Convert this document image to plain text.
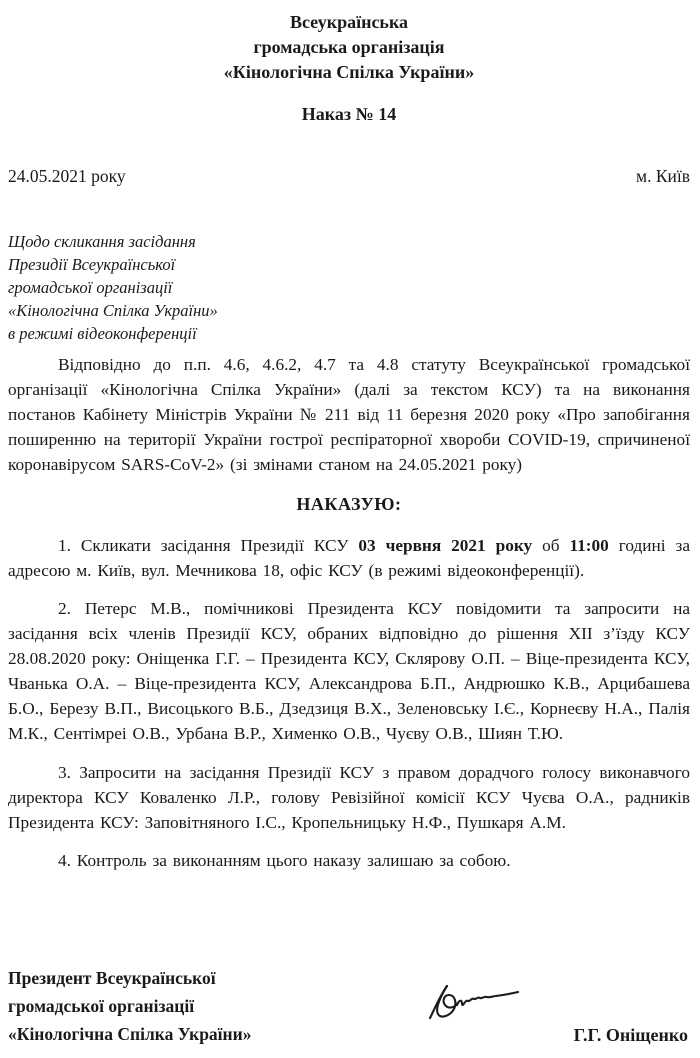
Всеукраїнська
громадська організація
«Кінологічна Спілка України»
Наказ № 14
24.05.2021 року	м. Київ
Щодо скликання засідання
Президії Всеукраїнської
громадської організації
«Кінологічна Спілка України»
в режимі відеоконференції
Відповідно до п.п. 4.6, 4.6.2, 4.7 та 4.8 статуту Всеукраїнської громадської організації «Кінологічна Спілка України» (далі за текстом КСУ) та на виконання постанов Кабінету Міністрів України № 211 від 11 березня 2020 року «Про запобігання поширенню на території України гострої респіраторної хвороби COVID-19, спричиненої коронавірусом SARS-CoV-2» (зі змінами станом на 24.05.2021 року)
НАКАЗУЮ:
1. Скликати засідання Президії КСУ 03 червня 2021 року об 11:00 годині за адресою м. Київ, вул. Мечникова 18, офіс КСУ (в режимі відеоконференції).
2. Петерс М.В., помічникові Президента КСУ повідомити та запросити на засідання всіх членів Президії КСУ, обраних відповідно до рішення ХІІ з’їзду КСУ 28.08.2020 року: Оніщенка Г.Г. – Президента КСУ, Склярову О.П. – Віце-президента КСУ, Чванька О.А. – Віце-президента КСУ, Александрова Б.П., Андрюшко К.В., Арцибашева Б.О., Березу В.П., Висоцького В.Б., Дзедзиця В.Х., Зеленовську І.Є., Корнеєву Н.А., Палія М.К., Сентімреі О.В., Урбана В.Р., Хименко О.В., Чуєву О.В., Шиян Т.Ю.
3. Запросити на засідання Президії КСУ з правом дорадчого голосу виконавчого директора КСУ Коваленко Л.Р., голову Ревізійної комісії КСУ Чуєва О.А., радників Президента КСУ: Заповітняного І.С., Кропельницьку Н.Ф., Пушкаря А.М.
4. Контроль за виконанням цього наказу залишаю за собою.
Президент Всеукраїнської
громадської організації
«Кінологічна Спілка України»	Г.Г. Оніщенко
